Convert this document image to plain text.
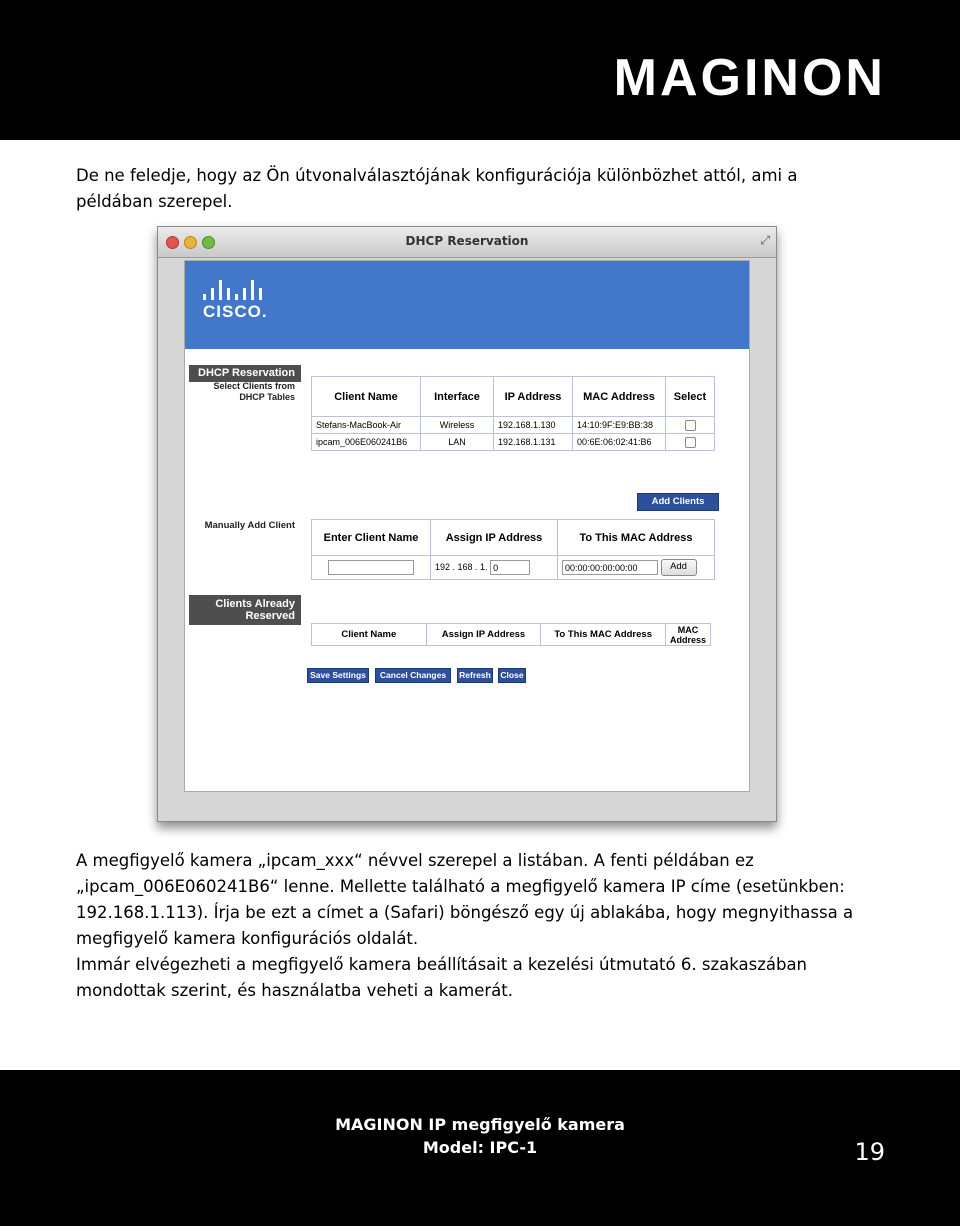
MAGINON
De ne feledje, hogy az Ön útvonalválasztójának konfigurációja különbözhet attól, ami a
példában szerepel.
DHCP Reservation	⤢
CISCO.
DHCP Reservation
Select Clients from
DHCP Tables	Client Name	Interface	IP Address	MAC Address	Select
Stefans-MacBook-Air	Wireless	192.168.1.130	14:10:9F:E9:BB:38	
ipcam_006E060241B6	LAN	192.168.1.131	00:6E:06:02:41:B6	
Add Clients
Manually Add Client
Enter Client Name	Assign IP Address	To This MAC Address
	192 . 168 . 1. 0	00:00:00:00:00:00 Add
Clients Already
Reserved
Client Name	Assign IP Address	To This MAC Address	MAC Address
Save Settings	Cancel Changes	Refresh Close
A megfigyelő kamera „ipcam_xxx“ névvel szerepel a listában. A fenti példában ez
„ipcam_006E060241B6“ lenne. Mellette található a megfigyelő kamera IP címe (esetünkben:
192.168.1.113). Írja be ezt a címet a (Safari) böngésző egy új ablakába, hogy megnyithassa a
megfigyelő kamera konfigurációs oldalát.
Immár elvégezheti a megfigyelő kamera beállításait a kezelési útmutató 6. szakaszában
mondottak szerint, és használatba veheti a kamerát.
MAGINON IP megfigyelő kamera
Model: IPC-1	19
